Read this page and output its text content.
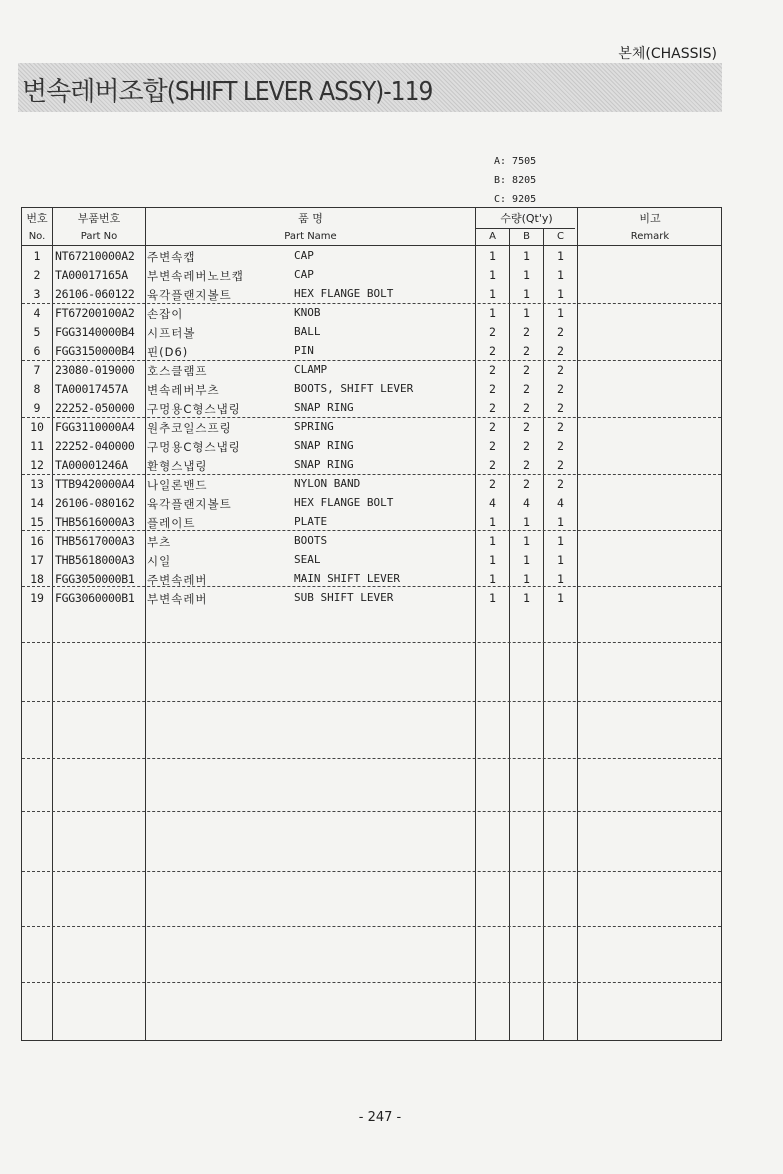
본체(CHASSIS)
변속레버조합(SHIFT LEVER ASSY)-119
A: 7505
B: 8205
C: 9205
번호
No.
부품번호
Part No
품 명
Part Name
수량(Qt'y)
A	B	C
비고
Remark
1	NT67210000A2 주변속캡	CAP	1	1	1
2	TA00017165A 부변속레버노브캡	CAP	1	1	1
3	26106-060122 육각플랜지볼트	HEX FLANGE BOLT	1	1	1
4	FT67200100A2 손잡이	KNOB	1	1	1
5	FGG3140000B4 시프터볼	BALL	2	2	2
6	FGG3150000B4 핀(D6)	PIN	2	2	2
7	23080-019000 호스클램프	CLAMP	2	2	2
8	TA00017457A 변속레버부츠	BOOTS, SHIFT LEVER	2	2	2
9	22252-050000 구멍용C형스냅링	SNAP RING	2	2	2
10 FGG3110000A4 원추코일스프링	SPRING	2	2	2
11 22252-040000 구멍용C형스냅링	SNAP RING	2	2	2
12 TA00001246A 환형스냅링	SNAP RING	2	2	2
13 TTB9420000A4 나일론밴드	NYLON BAND	2	2	2
14 26106-080162 육각플랜지볼트	HEX FLANGE BOLT	4	4	4
15 THB5616000A3 플레이트	PLATE	1	1	1
16 THB5617000A3 부츠	BOOTS	1	1	1
17 THB5618000A3 시일	SEAL	1	1	1
18 FGG3050000B1 주변속레버	MAIN SHIFT LEVER	1	1	1
19 FGG3060000B1 부변속레버	SUB SHIFT LEVER	1	1	1
- 247 -
